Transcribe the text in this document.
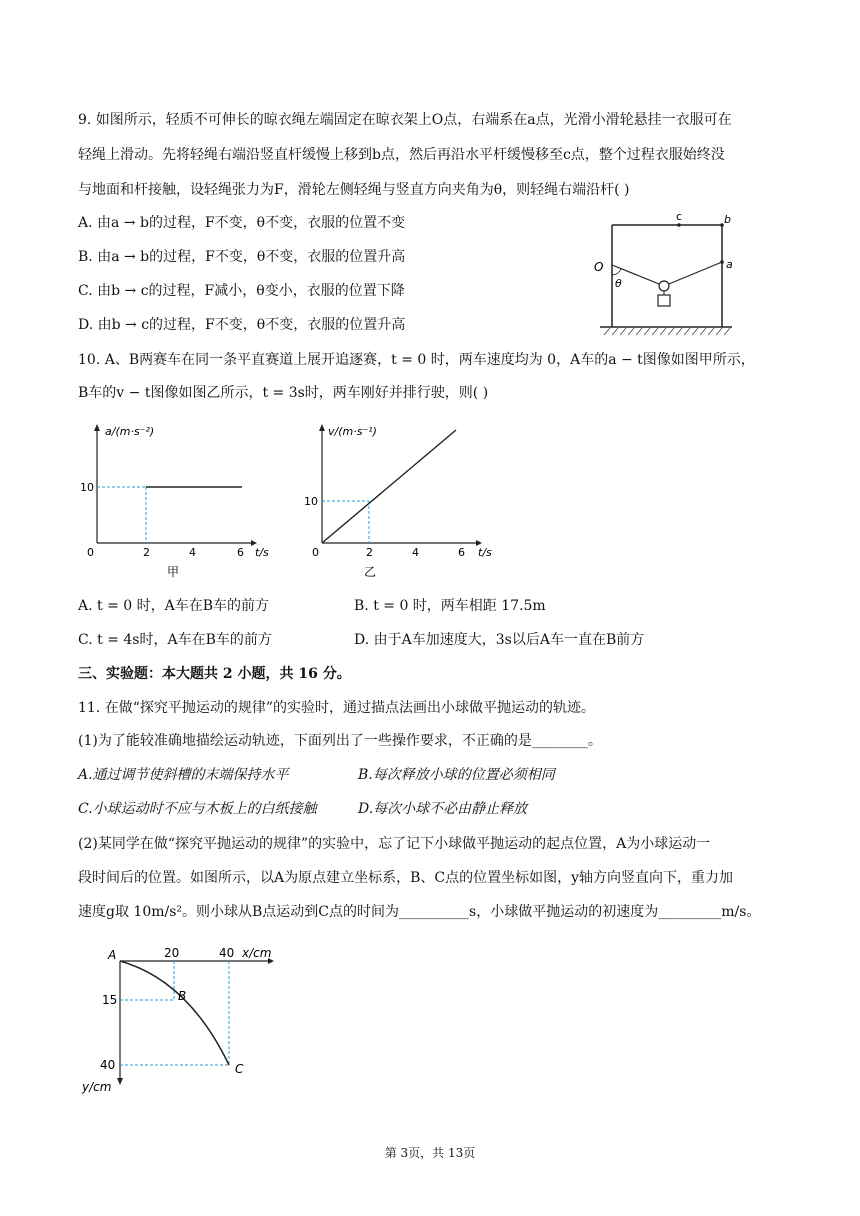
9. 如图所示，轻质不可伸长的晾衣绳左端固定在晾衣架上O点，右端系在a点，光滑小滑轮悬挂一衣服可在
轻绳上滑动。先将轻绳右端沿竖直杆缓慢上移到b点，然后再沿水平杆缓慢移至c点，整个过程衣服始终没
与地面和杆接触，设轻绳张力为F，滑轮左侧轻绳与竖直方向夹角为θ，则轻绳右端沿杆( )
A. 由a → b的过程，F不变，θ不变，衣服的位置不变
B. 由a → b的过程，F不变，θ不变，衣服的位置升高
C. 由b → c的过程，F减小，θ变小，衣服的位置下降
D. 由b → c的过程，F不变，θ不变，衣服的位置升高
c	b
a
O
θ
10. A、B两赛车在同一条平直赛道上展开追逐赛，t = 0 时，两车速度均为 0，A车的a − t图像如图甲所示，
B车的v − t图像如图乙所示，t = 3s时，两车刚好并排行驶，则( )
a/(m·s⁻²)
10
0	2	4	6 t/s
甲
v/(m·s⁻¹)
10
0	2	4	6 t/s
乙
A. t = 0 时，A车在B车的前方	B. t = 0 时，两车相距 17.5m
C. t = 4s时，A车在B车的前方	D. 由于A车加速度大，3s以后A车一直在B前方
三、实验题：本大题共 2 小题，共 16 分。
11. 在做“探究平抛运动的规律”的实验时，通过描点法画出小球做平抛运动的轨迹。
(1)为了能较准确地描绘运动轨迹，下面列出了一些操作要求，不正确的是________。
A.通过调节使斜槽的末端保持水平	B.每次释放小球的位置必须相同
C.小球运动时不应与木板上的白纸接触	D.每次小球不必由静止释放
(2)某同学在做“探究平抛运动的规律”的实验中，忘了记下小球做平抛运动的起点位置，A为小球运动一
段时间后的位置。如图所示，以A为原点建立坐标系，B、C点的位置坐标如图，y轴方向竖直向下，重力加
速度g取 10m/s²。则小球从B点运动到C点的时间为__________s，小球做平抛运动的初速度为_________m/s。
A	20	40 x/cm
15	B
40	C
y/cm
第 3页，共 13页
